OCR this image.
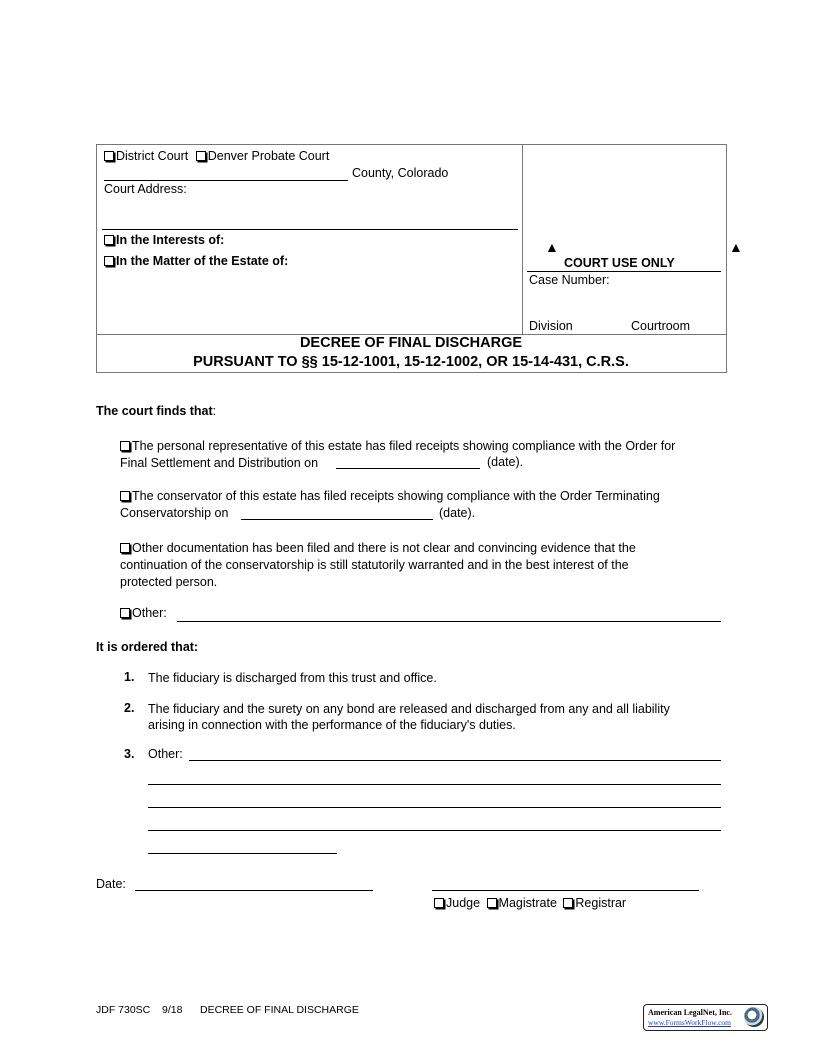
District Court Denver Probate Court
County, Colorado
Court Address:
In the Interests of:
In the Matter of the Estate of:
▲
COURT USE ONLY
▲
Case Number:
Division	Courtroom
DECREE OF FINAL DISCHARGE
PURSUANT TO §§ 15-12-1001, 15-12-1002, OR 15-14-431, C.R.S.
The court finds that:
The personal representative of this estate has filed receipts showing compliance with the Order for
Final Settlement and Distribution on	(date).
The conservator of this estate has filed receipts showing compliance with the Order Terminating
Conservatorship on	(date).
Other documentation has been filed and there is not clear and convincing evidence that the
continuation of the conservatorship is still statutorily warranted and in the best interest of the
protected person.
Other:
It is ordered that:
1. The fiduciary is discharged from this trust and office.
2. The fiduciary and the surety on any bond are released and discharged from any and all liability
arising in connection with the performance of the fiduciary's duties.
3. Other:
Date:
Judge Magistrate Registrar
JDF 730SC 9/18 DECREE OF FINAL DISCHARGE	American LegalNet, Inc.
www.FormsWorkFlow.com
